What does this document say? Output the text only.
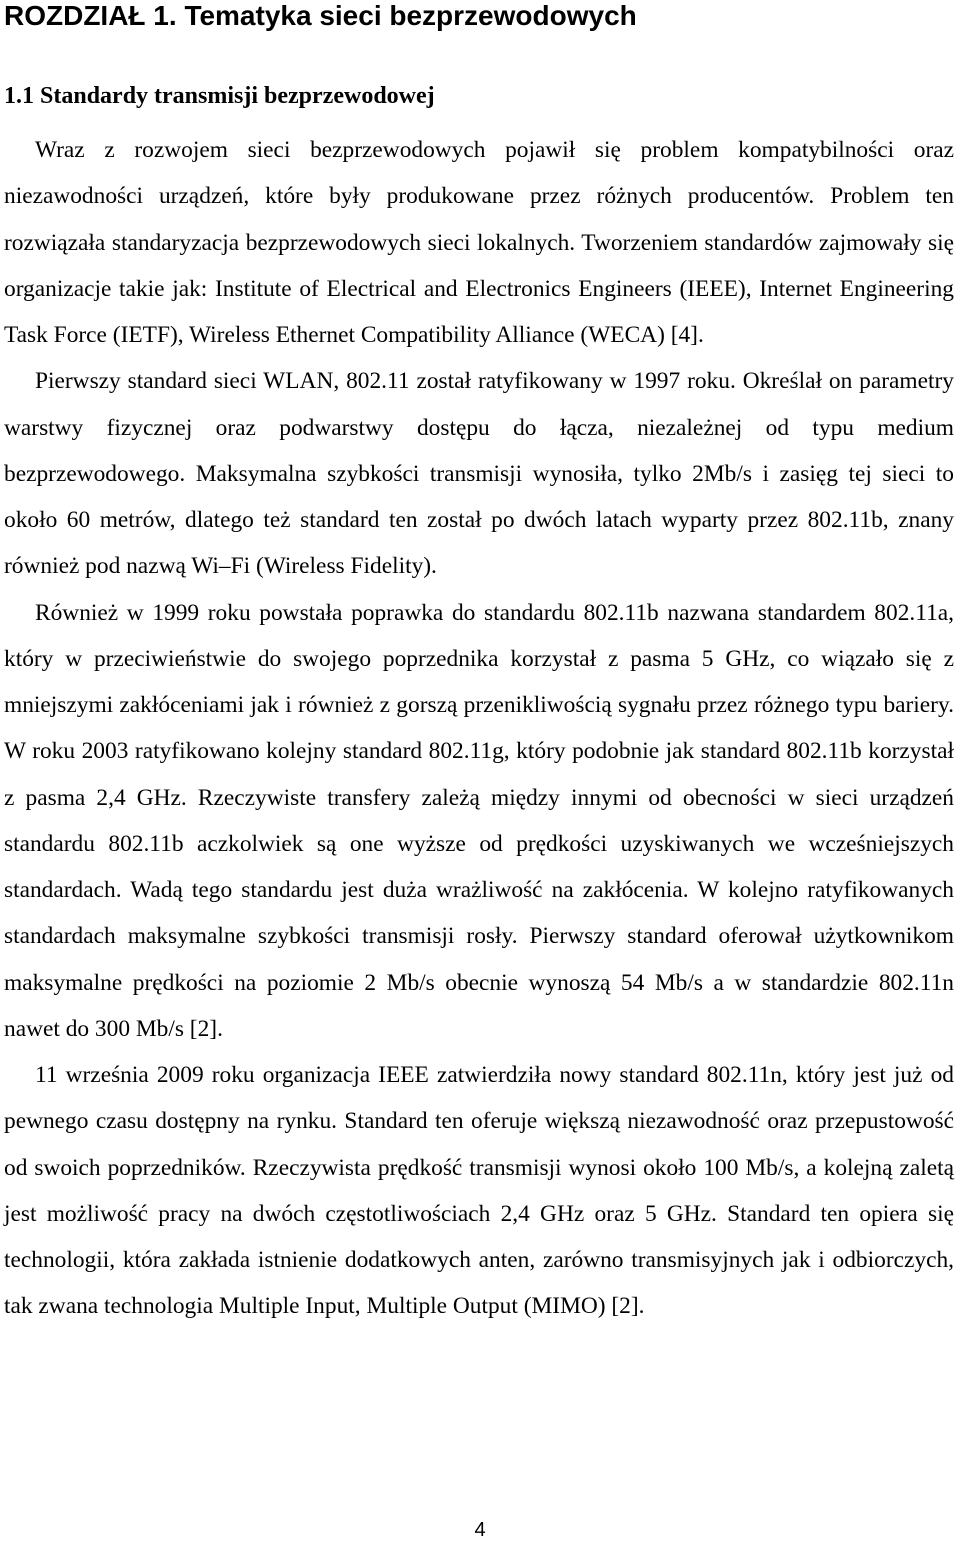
ROZDZIAŁ 1. Tematyka sieci bezprzewodowych
1.1 Standardy transmisji bezprzewodowej

Wraz z rozwojem sieci bezprzewodowych pojawił się problem kompatybilności oraz niezawodności urządzeń, które były produkowane przez różnych producentów. Problem ten rozwiązała standaryzacja bezprzewodowych sieci lokalnych. Tworzeniem standardów zajmowały się organizacje takie jak: Institute of Electrical and Electronics Engineers (IEEE), Internet Engineering Task Force (IETF), Wireless Ethernet Compatibility Alliance (WECA) [4].

Pierwszy standard sieci WLAN, 802.11 został ratyfikowany w 1997 roku. Określał on parametry warstwy fizycznej oraz podwarstwy dostępu do łącza, niezależnej od typu medium bezprzewodowego. Maksymalna szybkości transmisji wynosiła, tylko 2Mb/s i zasięg tej sieci to około 60 metrów, dlatego też standard ten został po dwóch latach wyparty przez 802.11b, znany również pod nazwą Wi–Fi (Wireless Fidelity).

Również w 1999 roku powstała poprawka do standardu 802.11b nazwana standardem 802.11a, który w przeciwieństwie do swojego poprzednika korzystał z pasma 5 GHz, co wiązało się z mniejszymi zakłóceniami jak i również z gorszą przenikliwością sygnału przez różnego typu bariery. W roku 2003 ratyfikowano kolejny standard 802.11g, który podobnie jak standard 802.11b korzystał z pasma 2,4 GHz. Rzeczywiste transfery zależą między innymi od obecności w sieci urządzeń standardu 802.11b aczkolwiek są one wyższe od prędkości uzyskiwanych we wcześniejszych standardach. Wadą tego standardu jest duża wrażliwość na zakłócenia. W kolejno ratyfikowanych standardach maksymalne szybkości transmisji rosły. Pierwszy standard oferował użytkownikom maksymalne prędkości na poziomie 2 Mb/s obecnie wynoszą 54 Mb/s a w standardzie 802.11n nawet do 300 Mb/s [2].

11 września 2009 roku organizacja IEEE zatwierdziła nowy standard 802.11n, który jest już od pewnego czasu dostępny na rynku. Standard ten oferuje większą niezawodność oraz przepustowość od swoich poprzedników. Rzeczywista prędkość transmisji wynosi około 100 Mb/s, a kolejną zaletą jest możliwość pracy na dwóch częstotliwościach 2,4 GHz oraz 5 GHz. Standard ten opiera się technologii, która zakłada istnienie dodatkowych anten, zarówno transmisyjnych jak i odbiorczych, tak zwana technologia Multiple Input, Multiple Output (MIMO) [2].

4
